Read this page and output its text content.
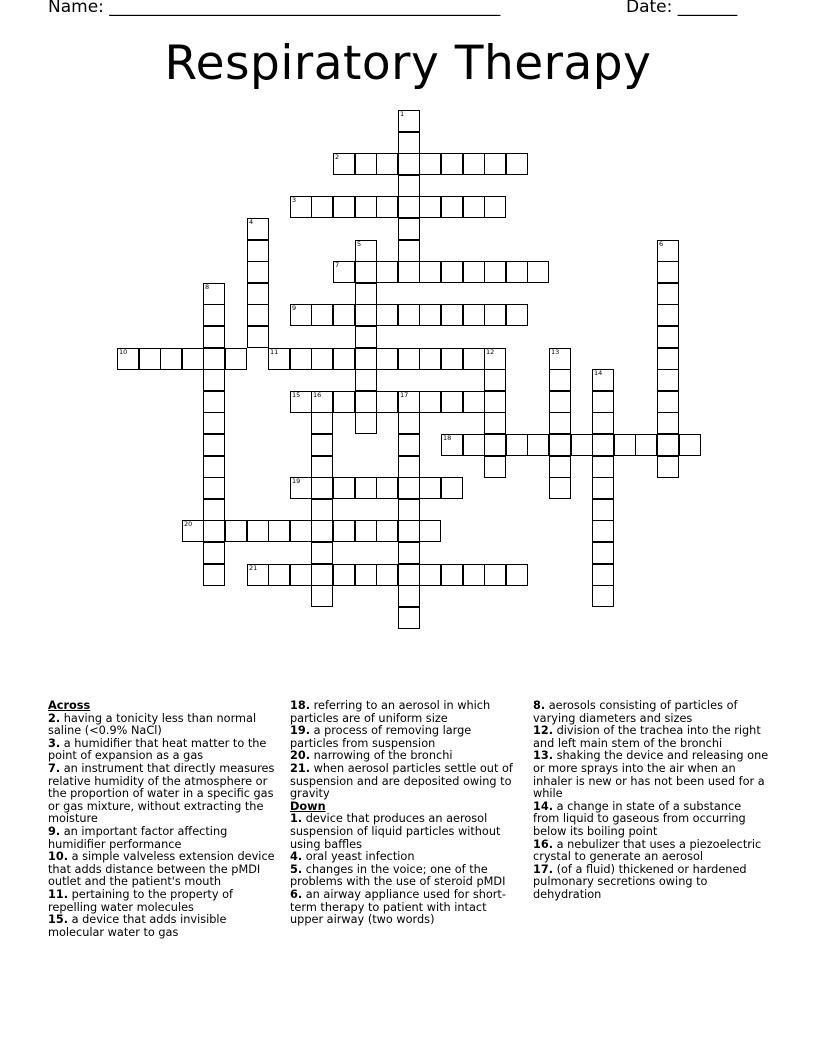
Name: ______________________________________________	Date: _______
Respiratory Therapy
1
2
3
4
5	6
7
8
9
10	11	12	13
14
15 16	17
18
19
20
21
Across
2. having a tonicity less than normal saline (<0.9% NaCl)
3. a humidifier that heat matter to the point of expansion as a gas
7. an instrument that directly measures relative humidity of the atmosphere or the proportion of water in a specific gas or gas mixture, without extracting the moisture
9. an important factor affecting humidifier performance
10. a simple valveless extension device that adds distance between the pMDI outlet and the patient's mouth
11. pertaining to the property of repelling water molecules
15. a device that adds invisible molecular water to gas
18. referring to an aerosol in which particles are of uniform size
19. a process of removing large particles from suspension
20. narrowing of the bronchi
21. when aerosol particles settle out of suspension and are deposited owing to gravity
Down
1. device that produces an aerosol suspension of liquid particles without using baffles
4. oral yeast infection
5. changes in the voice; one of the problems with the use of steroid pMDI
6. an airway appliance used for short-term therapy to patient with intact upper airway (two words)
8. aerosols consisting of particles of varying diameters and sizes
12. division of the trachea into the right and left main stem of the bronchi
13. shaking the device and releasing one or more sprays into the air when an inhaler is new or has not been used for a while
14. a change in state of a substance from liquid to gaseous from occurring below its boiling point
16. a nebulizer that uses a piezoelectric crystal to generate an aerosol
17. (of a fluid) thickened or hardened pulmonary secretions owing to dehydration
